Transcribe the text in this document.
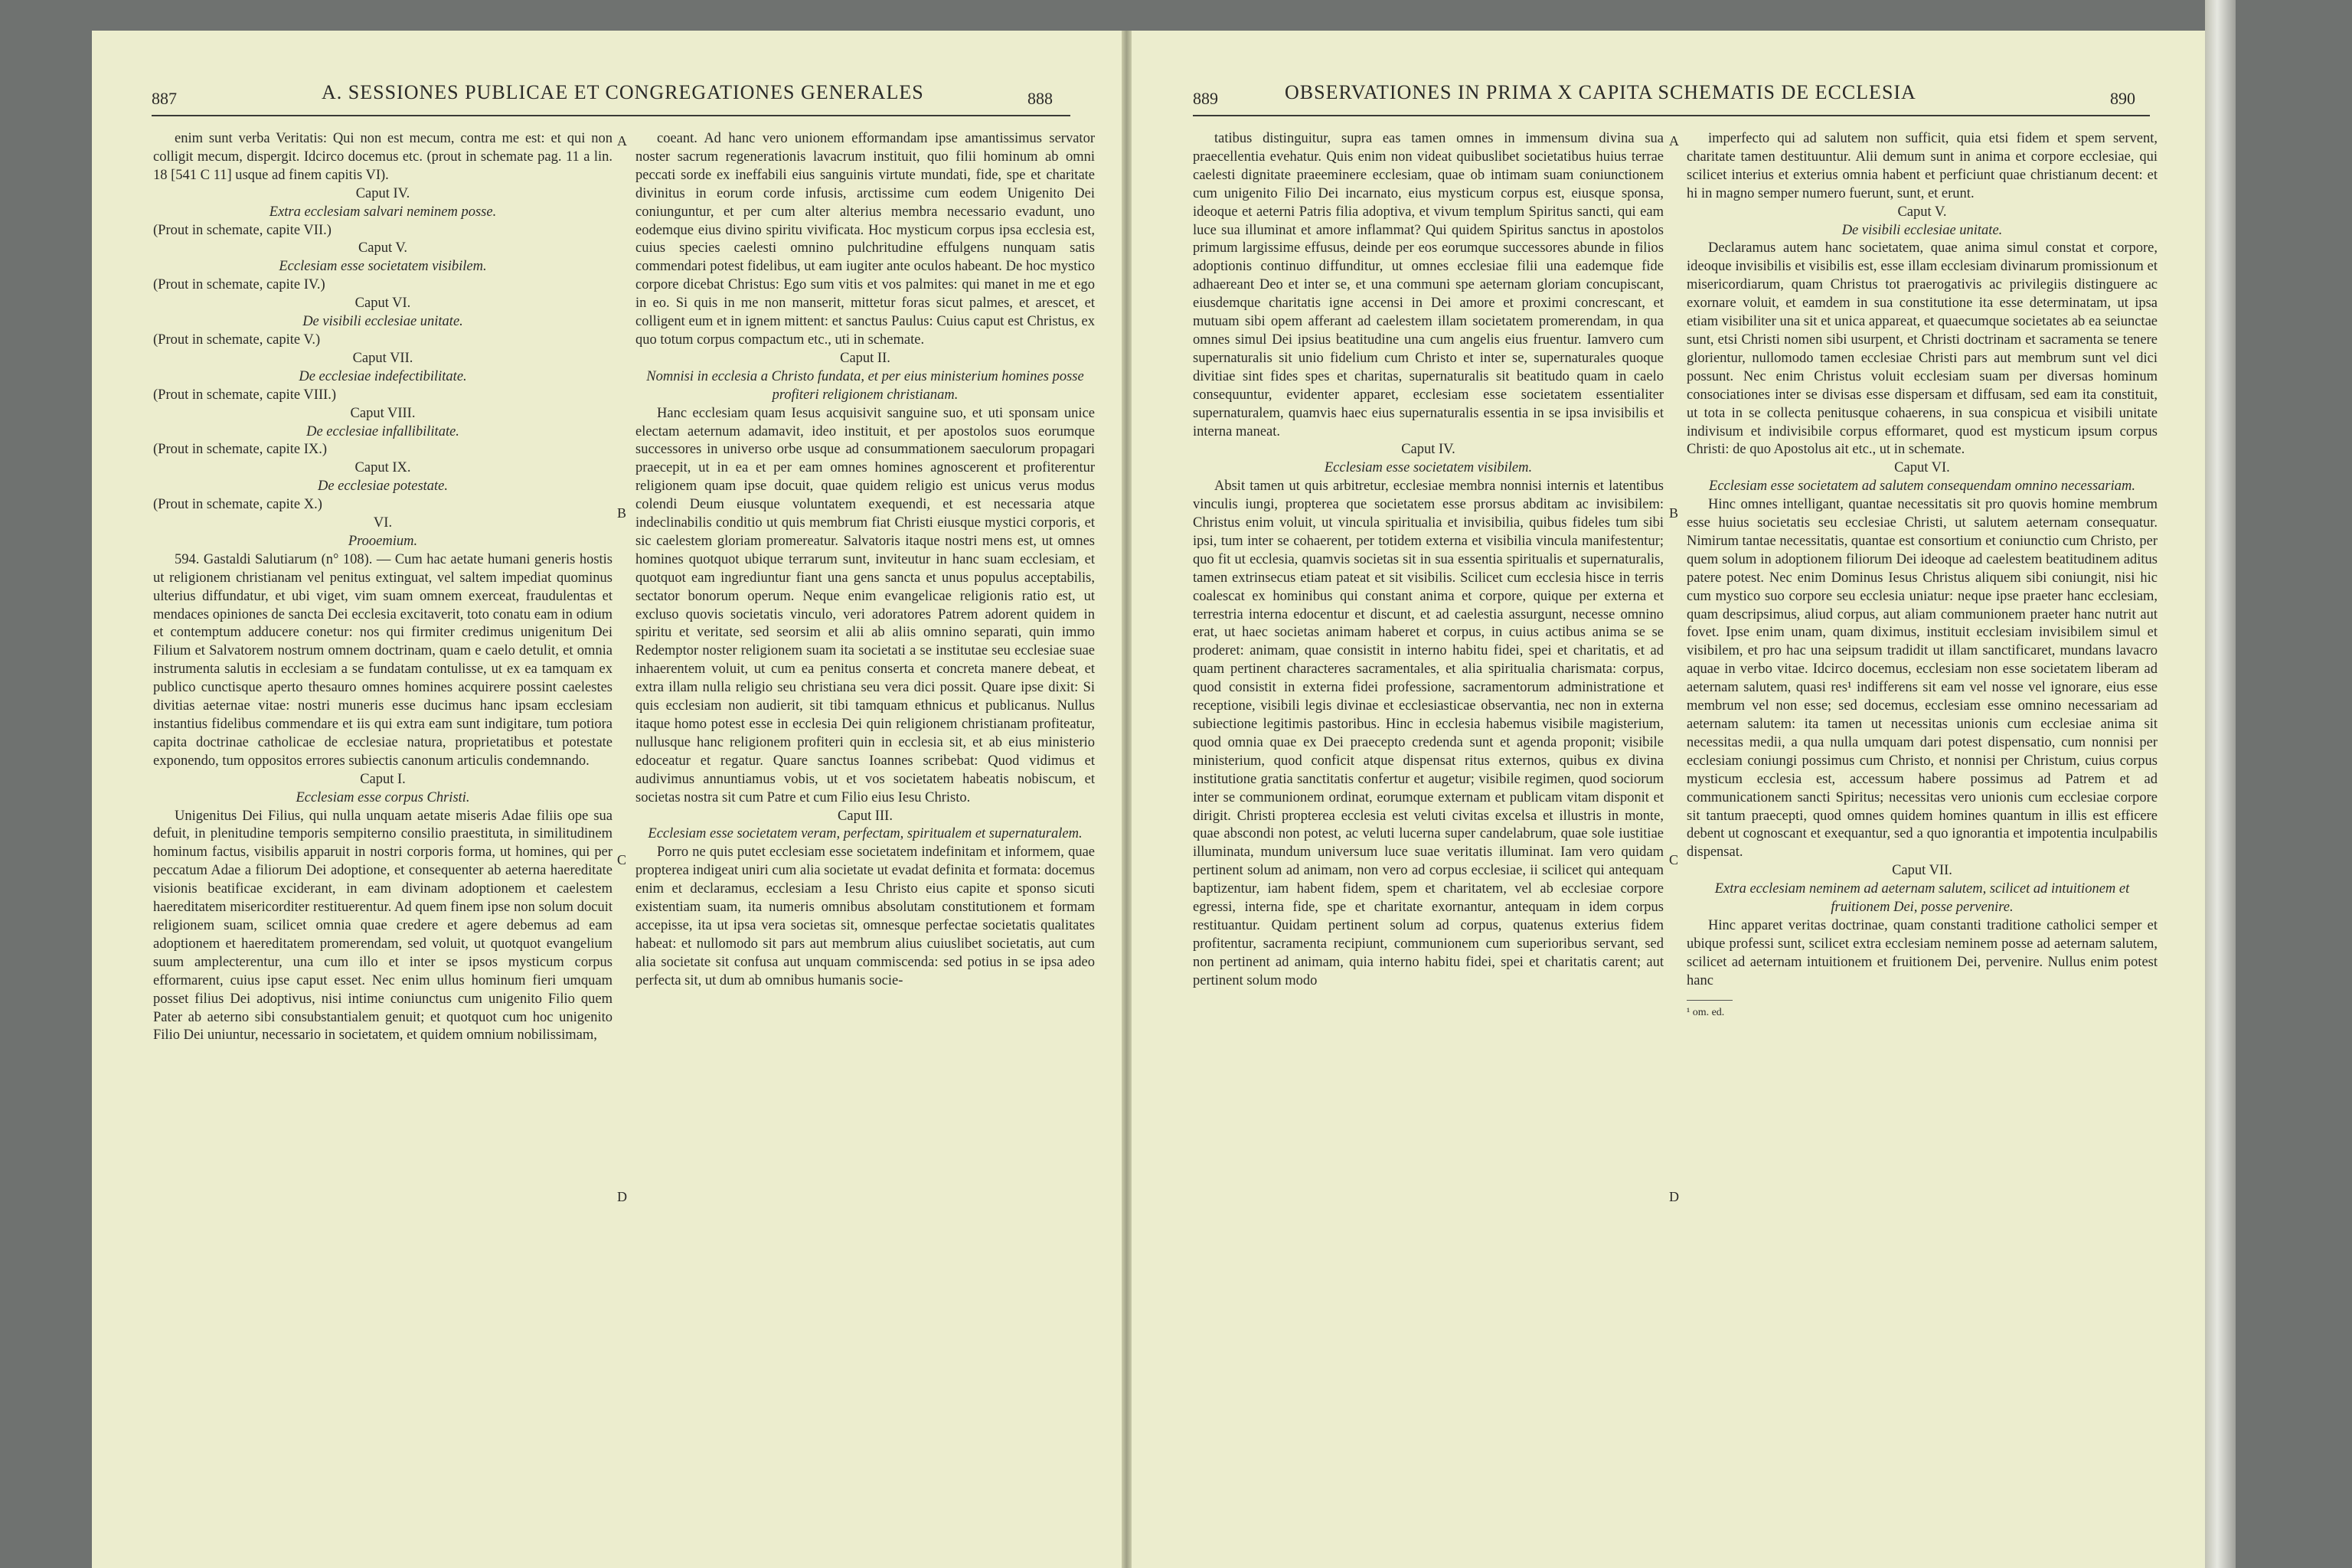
887	A. SESSIONES PUBLICAE ET CONGREGATIONES GENERALES	888

enim sunt verba Veritatis: Qui non est mecum, contra me est: et qui non colligit mecum, dispergit. Idcirco docemus etc. (prout in schemate pag. 11 a lin. 18 [541 C 11] usque ad finem capitis VI).

Caput IV.

Extra ecclesiam salvari neminem posse.

(Prout in schemate, capite VII.)

Caput V.

Ecclesiam esse societatem visibilem.

(Prout in schemate, capite IV.)

Caput VI.

De visibili ecclesiae unitate.

(Prout in schemate, capite V.)

Caput VII.

De ecclesiae indefectibilitate.

(Prout in schemate, capite VIII.)

Caput VIII.

De ecclesiae infallibilitate.

(Prout in schemate, capite IX.)

Caput IX.

De ecclesiae potestate.

(Prout in schemate, capite X.)

VI.

Prooemium.

594. Gastaldi Salutiarum (n° 108). — Cum hac aetate humani generis hostis ut religionem christianam vel penitus extinguat, vel saltem impediat quominus ulterius diffundatur, et ubi viget, vim suam omnem exerceat, fraudulentas et mendaces opiniones de sancta Dei ecclesia excitaverit, toto conatu eam in odium et contemptum adducere conetur: nos qui firmiter credimus unigenitum Dei Filium et Salvatorem nostrum omnem doctrinam, quam e caelo detulit, et omnia instrumenta salutis in ecclesiam a se fundatam contulisse, ut ex ea tamquam ex publico cunctisque aperto thesauro omnes homines acquirere possint caelestes divitias aeternae vitae: nostri muneris esse ducimus hanc ipsam ecclesiam instantius fidelibus commendare et iis qui extra eam sunt indigitare, tum potiora capita doctrinae catholicae de ecclesiae natura, proprietatibus et potestate exponendo, tum oppositos errores subiectis canonum articulis condemnando.

Caput I.

Ecclesiam esse corpus Christi.

Unigenitus Dei Filius, qui nulla unquam aetate miseris Adae filiis ope sua defuit, in plenitudine temporis sempiterno consilio praestituta, in similitudinem hominum factus, visibilis apparuit in nostri corporis forma, ut homines, qui per peccatum Adae a filiorum Dei adoptione, et consequenter ab aeterna haereditate visionis beatificae exciderant, in eam divinam adoptionem et caelestem haereditatem misericorditer restituerentur. Ad quem finem ipse non solum docuit religionem suam, scilicet omnia quae credere et agere debemus ad eam adoptionem et haereditatem promerendam, sed voluit, ut quotquot evangelium suum amplecterentur, una cum illo et inter se ipsos mysticum corpus efformarent, cuius ipse caput esset. Nec enim ullus hominum fieri umquam posset filius Dei adoptivus, nisi intime coniunctus cum unigenito Filio quem Pater ab aeterno sibi consubstantialem genuit; et quotquot cum hoc unigenito Filio Dei uniuntur, necessario in societatem, et quidem omnium nobilissimam,

coeant. Ad hanc vero unionem efformandam ipse amantissimus servator noster sacrum regenerationis lavacrum instituit, quo filii hominum ab omni peccati sorde ex ineffabili eius sanguinis virtute mundati, fide, spe et charitate divinitus in eorum corde infusis, arctissime cum eodem Unigenito Dei coniunguntur, et per cum alter alterius membra necessario evadunt, uno eodemque eius divino spiritu vivificata. Hoc mysticum corpus ipsa ecclesia est, cuius species caelesti omnino pulchritudine effulgens nunquam satis commendari potest fidelibus, ut eam iugiter ante oculos habeant. De hoc mystico corpore dicebat Christus: Ego sum vitis et vos palmites: qui manet in me et ego in eo. Si quis in me non manserit, mittetur foras sicut palmes, et arescet, et colligent eum et in ignem mittent: et sanctus Paulus: Cuius caput est Christus, ex quo totum corpus compactum etc., uti in schemate.

Caput II.

Nomnisi in ecclesia a Christo fundata, et per eius ministerium homines posse profiteri religionem christianam.

Hanc ecclesiam quam Iesus acquisivit sanguine suo, et uti sponsam unice electam aeternum adamavit, ideo instituit, et per apostolos suos eorumque successores in universo orbe usque ad consummationem saeculorum propagari praecepit, ut in ea et per eam omnes homines agnoscerent et profiterentur religionem quam ipse docuit, quae quidem religio est unicus verus modus colendi Deum eiusque voluntatem exequendi, et est necessaria atque indeclinabilis conditio ut quis membrum fiat Christi eiusque mystici corporis, et sic caelestem gloriam promereatur. Salvatoris itaque nostri mens est, ut omnes homines quotquot ubique terrarum sunt, inviteutur in hanc suam ecclesiam, et quotquot eam ingrediuntur fiant una gens sancta et unus populus acceptabilis, sectator bonorum operum. Neque enim evangelicae religionis ratio est, ut excluso quovis societatis vinculo, veri adoratores Patrem adorent quidem in spiritu et veritate, sed seorsim et alii ab aliis omnino separati, quin immo Redemptor noster religionem suam ita societati a se institutae seu ecclesiae suae inhaerentem voluit, ut cum ea penitus conserta et concreta manere debeat, et extra illam nulla religio seu christiana seu vera dici possit. Quare ipse dixit: Si quis ecclesiam non audierit, sit tibi tamquam ethnicus et publicanus. Nullus itaque homo potest esse in ecclesia Dei quin religionem christianam profiteatur, nullusque hanc religionem profiteri quin in ecclesia sit, et ab eius ministerio edoceatur et regatur. Quare sanctus Ioannes scribebat: Quod vidimus et audivimus annuntiamus vobis, ut et vos societatem habeatis nobiscum, et societas nostra sit cum Patre et cum Filio eius Iesu Christo.

Caput III.

Ecclesiam esse societatem veram, perfectam, spiritualem et supernaturalem.

Porro ne quis putet ecclesiam esse societatem indefinitam et informem, quae propterea indigeat uniri cum alia societate ut evadat definita et formata: docemus enim et declaramus, ecclesiam a Iesu Christo eius capite et sponso sicuti existentiam suam, ita numeris omnibus absolutam constitutionem et formam accepisse, ita ut ipsa vera societas sit, omnesque perfectae societatis qualitates habeat: et nullomodo sit pars aut membrum alius cuiuslibet societatis, aut cum alia societate sit confusa aut unquam commiscenda: sed potius in se ipsa adeo perfecta sit, ut dum ab omnibus humanis socie-

A
B
C
D
889	OBSERVATIONES IN PRIMA X CAPITA SCHEMATIS DE ECCLESIA	890

tatibus distinguitur, supra eas tamen omnes in immensum divina sua praecellentia evehatur. Quis enim non videat quibuslibet societatibus huius terrae caelesti dignitate praeeminere ecclesiam, quae ob intimam suam coniunctionem cum unigenito Filio Dei incarnato, eius mysticum corpus est, eiusque sponsa, ideoque et aeterni Patris filia adoptiva, et vivum templum Spiritus sancti, qui eam luce sua illuminat et amore inflammat? Qui quidem Spiritus sanctus in apostolos primum largissime effusus, deinde per eos eorumque successores abunde in filios adoptionis continuo diffunditur, ut omnes ecclesiae filii una eademque fide adhaereant Deo et inter se, et una communi spe aeternam gloriam concupiscant, eiusdemque charitatis igne accensi in Dei amore et proximi concrescant, et mutuam sibi opem afferant ad caelestem illam societatem promerendam, in qua omnes simul Dei ipsius beatitudine una cum angelis eius fruentur. Iamvero cum supernaturalis sit unio fidelium cum Christo et inter se, supernaturales quoque divitiae sint fides spes et charitas, supernaturalis sit beatitudo quam in caelo consequuntur, evidenter apparet, ecclesiam esse societatem essentialiter supernaturalem, quamvis haec eius supernaturalis essentia in se ipsa invisibilis et interna maneat.

Caput IV.

Ecclesiam esse societatem visibilem.

Absit tamen ut quis arbitretur, ecclesiae membra nonnisi internis et latentibus vinculis iungi, propterea que societatem esse prorsus abditam ac invisibilem: Christus enim voluit, ut vincula spiritualia et invisibilia, quibus fideles tum sibi ipsi, tum inter se cohaerent, per totidem externa et visibilia vincula manifestentur; quo fit ut ecclesia, quamvis societas sit in sua essentia spiritualis et supernaturalis, tamen extrinsecus etiam pateat et sit visibilis. Scilicet cum ecclesia hisce in terris coalescat ex hominibus qui constant anima et corpore, quique per externa et terrestria interna edocentur et discunt, et ad caelestia assurgunt, necesse omnino erat, ut haec societas animam haberet et corpus, in cuius actibus anima se se proderet: animam, quae consistit in interno habitu fidei, spei et charitatis, et ad quam pertinent characteres sacramentales, et alia spiritualia charismata: corpus, quod consistit in externa fidei professione, sacramentorum administratione et receptione, visibili legis divinae et ecclesiasticae observantia, nec non in externa subiectione legitimis pastoribus. Hinc in ecclesia habemus visibile magisterium, quod omnia quae ex Dei praecepto credenda sunt et agenda proponit; visibile ministerium, quod conficit atque dispensat ritus externos, quibus ex divina institutione gratia sanctitatis confertur et augetur; visibile regimen, quod sociorum inter se communionem ordinat, eorumque externam et publicam vitam disponit et dirigit. Christi propterea ecclesia est veluti civitas excelsa et illustris in monte, quae abscondi non potest, ac veluti lucerna super candelabrum, quae sole iustitiae illuminata, mundum universum luce suae veritatis illuminat. Iam vero quidam pertinent solum ad animam, non vero ad corpus ecclesiae, ii scilicet qui antequam baptizentur, iam habent fidem, spem et charitatem, vel ab ecclesiae corpore egressi, interna fide, spe et charitate exornantur, antequam in idem corpus restituantur. Quidam pertinent solum ad corpus, quatenus exterius fidem profitentur, sacramenta recipiunt, communionem cum superioribus servant, sed non pertinent ad animam, quia interno habitu fidei, spei et charitatis carent; aut pertinent solum modo

imperfecto qui ad salutem non sufficit, quia etsi fidem et spem servent, charitate tamen destituuntur. Alii demum sunt in anima et corpore ecclesiae, qui scilicet interius et exterius omnia habent et perficiunt quae christianum decent: et hi in magno semper numero fuerunt, sunt, et erunt.

Caput V.

De visibili ecclesiae unitate.

Declaramus autem hanc societatem, quae anima simul constat et corpore, ideoque invisibilis et visibilis est, esse illam ecclesiam divinarum promissionum et misericordiarum, quam Christus tot praerogativis ac privilegiis distinguere ac exornare voluit, et eamdem in sua constitutione ita esse determinatam, ut ipsa etiam visibiliter una sit et unica appareat, et quaecumque societates ab ea seiunctae sunt, etsi Christi nomen sibi usurpent, et Christi doctrinam et sacramenta se tenere glorientur, nullomodo tamen ecclesiae Christi pars aut membrum sunt vel dici possunt. Nec enim Christus voluit ecclesiam suam per diversas hominum consociationes inter se divisas esse dispersam et diffusam, sed eam ita constituit, ut tota in se collecta penitusque cohaerens, in sua conspicua et visibili unitate indivisum et indivisibile corpus efformaret, quod est mysticum ipsum corpus Christi: de quo Apostolus ait etc., ut in schemate.

Caput VI.

Ecclesiam esse societatem ad salutem consequendam omnino necessariam.

Hinc omnes intelligant, quantae necessitatis sit pro quovis homine membrum esse huius societatis seu ecclesiae Christi, ut salutem aeternam consequatur. Nimirum tantae necessitatis, quantae est consortium et coniunctio cum Christo, per quem solum in adoptionem filiorum Dei ideoque ad caelestem beatitudinem aditus patere potest. Nec enim Dominus Iesus Christus aliquem sibi coniungit, nisi hic cum mystico suo corpore seu ecclesia uniatur: neque ipse praeter hanc ecclesiam, quam descripsimus, aliud corpus, aut aliam communionem praeter hanc nutrit aut fovet. Ipse enim unam, quam diximus, instituit ecclesiam invisibilem simul et visibilem, et pro hac una seipsum tradidit ut illam sanctificaret, mundans lavacro aquae in verbo vitae. Idcirco docemus, ecclesiam non esse societatem liberam ad aeternam salutem, quasi res¹ indifferens sit eam vel nosse vel ignorare, eius esse membrum vel non esse; sed docemus, ecclesiam esse omnino necessariam ad aeternam salutem: ita tamen ut necessitas unionis cum ecclesiae anima sit necessitas medii, a qua nulla umquam dari potest dispensatio, cum nonnisi per ecclesiam coniungi possimus cum Christo, et nonnisi per Christum, cuius corpus mysticum ecclesia est, accessum habere possimus ad Patrem et ad communicationem sancti Spiritus; necessitas vero unionis cum ecclesiae corpore sit tantum praecepti, quod omnes quidem homines quantum in illis est efficere debent ut cognoscant et exequantur, sed a quo ignorantia et impotentia inculpabilis dispensat.

Caput VII.

Extra ecclesiam neminem ad aeternam salutem, scilicet ad intuitionem et fruitionem Dei, posse pervenire.

Hinc apparet veritas doctrinae, quam constanti traditione catholici semper et ubique professi sunt, scilicet extra ecclesiam neminem posse ad aeternam salutem, scilicet ad aeternam intuitionem et fruitionem Dei, pervenire. Nullus enim potest hanc

¹ om. ed.
A
B
C
D
